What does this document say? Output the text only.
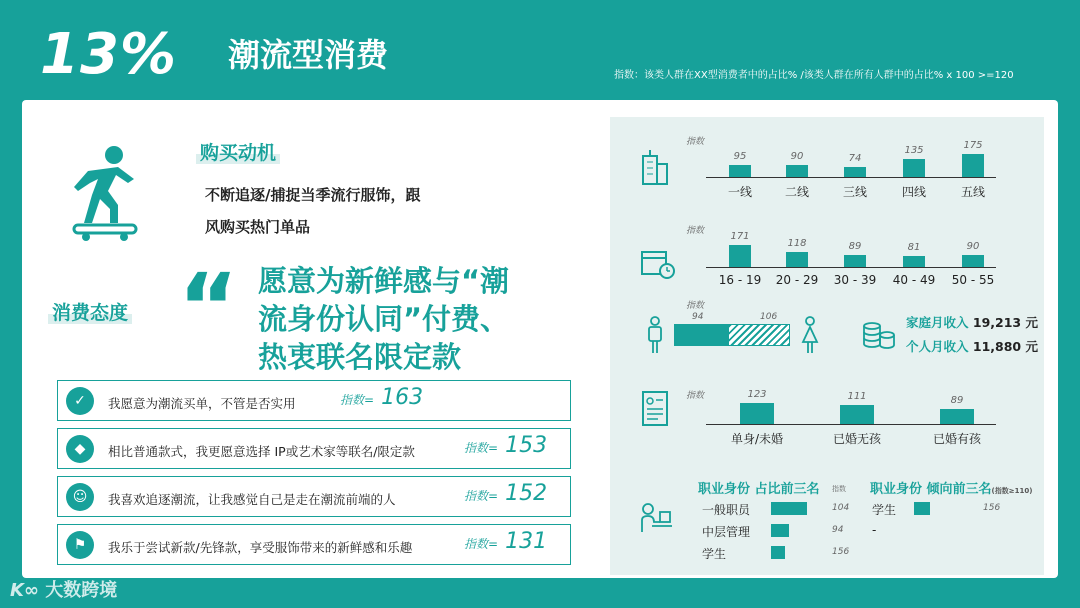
13% 潮流型消费
指数：该类人群在XX型消费者中的占比% /该类人群在所有人群中的占比% x 100 >=120
购买动机
不断追逐/捕捉当季流行服饰，跟
风购买热门单品
消费态度 “ 愿意为新鲜感与“潮
流身份认同”付费、
热衷联名限定款
✓	我愿意为潮流买单，不管是否实用	指数= 163
◆	相比普通款式，我更愿意选择 IP或艺术家等联名/限定款	指数= 153
☺	我喜欢追逐潮流，让我感觉自己是走在潮流前端的人	指数= 152
⚑	我乐于尝试新款/先锋款，享受服饰带来的新鲜感和乐趣	指数= 131
指数
指数
指数
94	106	家庭月收入 19,213 元
个人月收入 11,880 元
指数
职业身份 占比前三名 指数 职业身份 倾向前三名(指数≥110)
K∞ 大数跨境
95
一线
90
二线
74
三线
135
四线
175
五线
171
16 - 19
118
20 - 29
89
30 - 39
81
40 - 49
90
50 - 55
123
单身/未婚
111
已婚无孩
89
已婚有孩
一般职员	104
中层管理	94
学生	156
学生	156
-
